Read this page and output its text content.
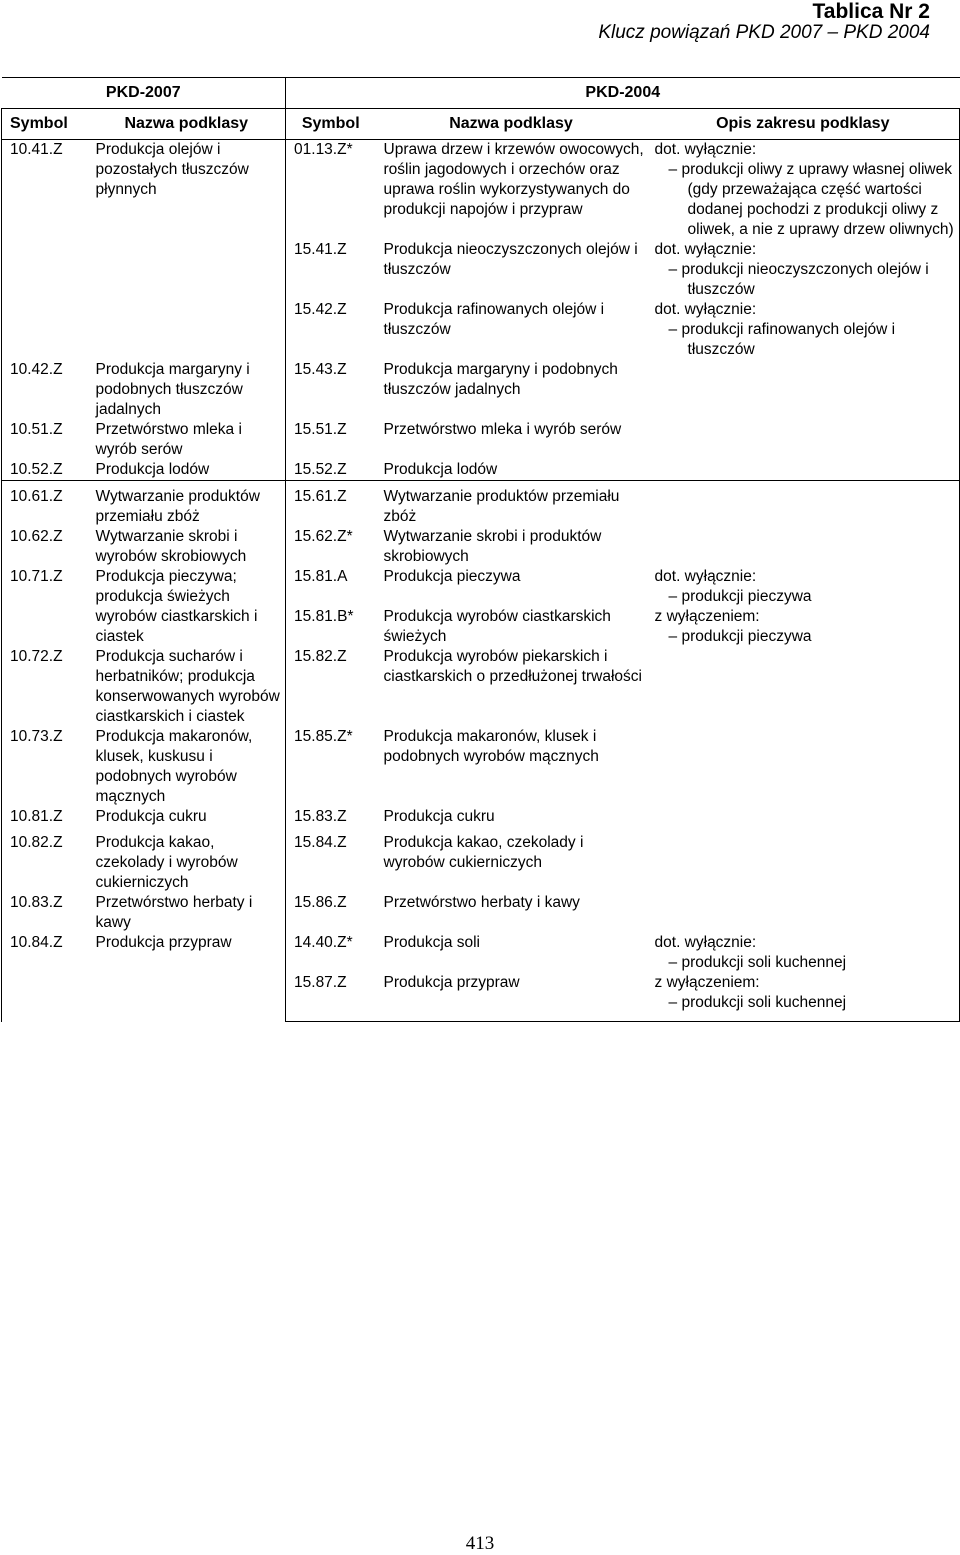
Tablica Nr 2
Klucz powiązań PKD 2007 – PKD 2004
PKD-2007		PKD-2004		
Symbol	Nazwa podklasy	Symbol	Nazwa podklasy	Opis zakresu podklasy
10.41.Z	Produkcja olejów i pozostałych tłuszczów płynnych	01.13.Z*	Uprawa drzew i krzewów owocowych, roślin jagodowych i orzechów oraz uprawa roślin wykorzystywanych do produkcji napojów i przypraw	dot. wyłącznie:
– produkcji oliwy z uprawy własnej oliwek
(gdy przeważająca część wartości dodanej pochodzi z produkcji oliwy z oliwek, a nie z uprawy drzew oliwnych)

		15.41.Z	Produkcja nieoczyszczonych olejów i tłuszczów	dot. wyłącznie:
– produkcji nieoczyszczonych olejów i
tłuszczów

		15.42.Z	Produkcja rafinowanych olejów i tłuszczów	dot. wyłącznie:
– produkcji rafinowanych olejów i
tłuszczów

10.42.Z	Produkcja margaryny i podobnych tłuszczów jadalnych	15.43.Z	Produkcja margaryny i podobnych tłuszczów jadalnych	
10.51.Z	Przetwórstwo mleka i wyrób serów	15.51.Z	Przetwórstwo mleka i wyrób serów	
10.52.Z	Produkcja lodów	15.52.Z	Produkcja lodów	

10.61.Z	Wytwarzanie produktów przemiału zbóż	15.61.Z	Wytwarzanie produktów przemiału zbóż	
10.62.Z	Wytwarzanie skrobi i wyrobów skrobiowych	15.62.Z*	Wytwarzanie skrobi i produktów skrobiowych	
10.71.Z	Produkcja pieczywa; produkcja świeżych wyrobów ciastkarskich i ciastek	15.81.A	Produkcja pieczywa	dot. wyłącznie:
– produkcji pieczywa

		15.81.B*	Produkcja wyrobów ciastkarskich świeżych	z wyłączeniem:
– produkcji pieczywa

10.72.Z	Produkcja sucharów i herbatników; produkcja konserwowanych wyrobów ciastkarskich i ciastek	15.82.Z	Produkcja wyrobów piekarskich i ciastkarskich o przedłużonej trwałości	
10.73.Z	Produkcja makaronów, klusek, kuskusu i podobnych wyrobów mącznych	15.85.Z*	Produkcja makaronów, klusek i podobnych wyrobów mącznych	
10.81.Z	Produkcja cukru	15.83.Z	Produkcja cukru	

10.82.Z	Produkcja kakao, czekolady i wyrobów cukierniczych	15.84.Z	Produkcja kakao, czekolady i wyrobów cukierniczych	
10.83.Z	Przetwórstwo herbaty i kawy	15.86.Z	Przetwórstwo herbaty i kawy	
10.84.Z	Produkcja przypraw	14.40.Z*	Produkcja soli	dot. wyłącznie:
– produkcji soli kuchennej

		15.87.Z	Produkcja przypraw	z wyłączeniem:
– produkcji soli kuchennej
413
